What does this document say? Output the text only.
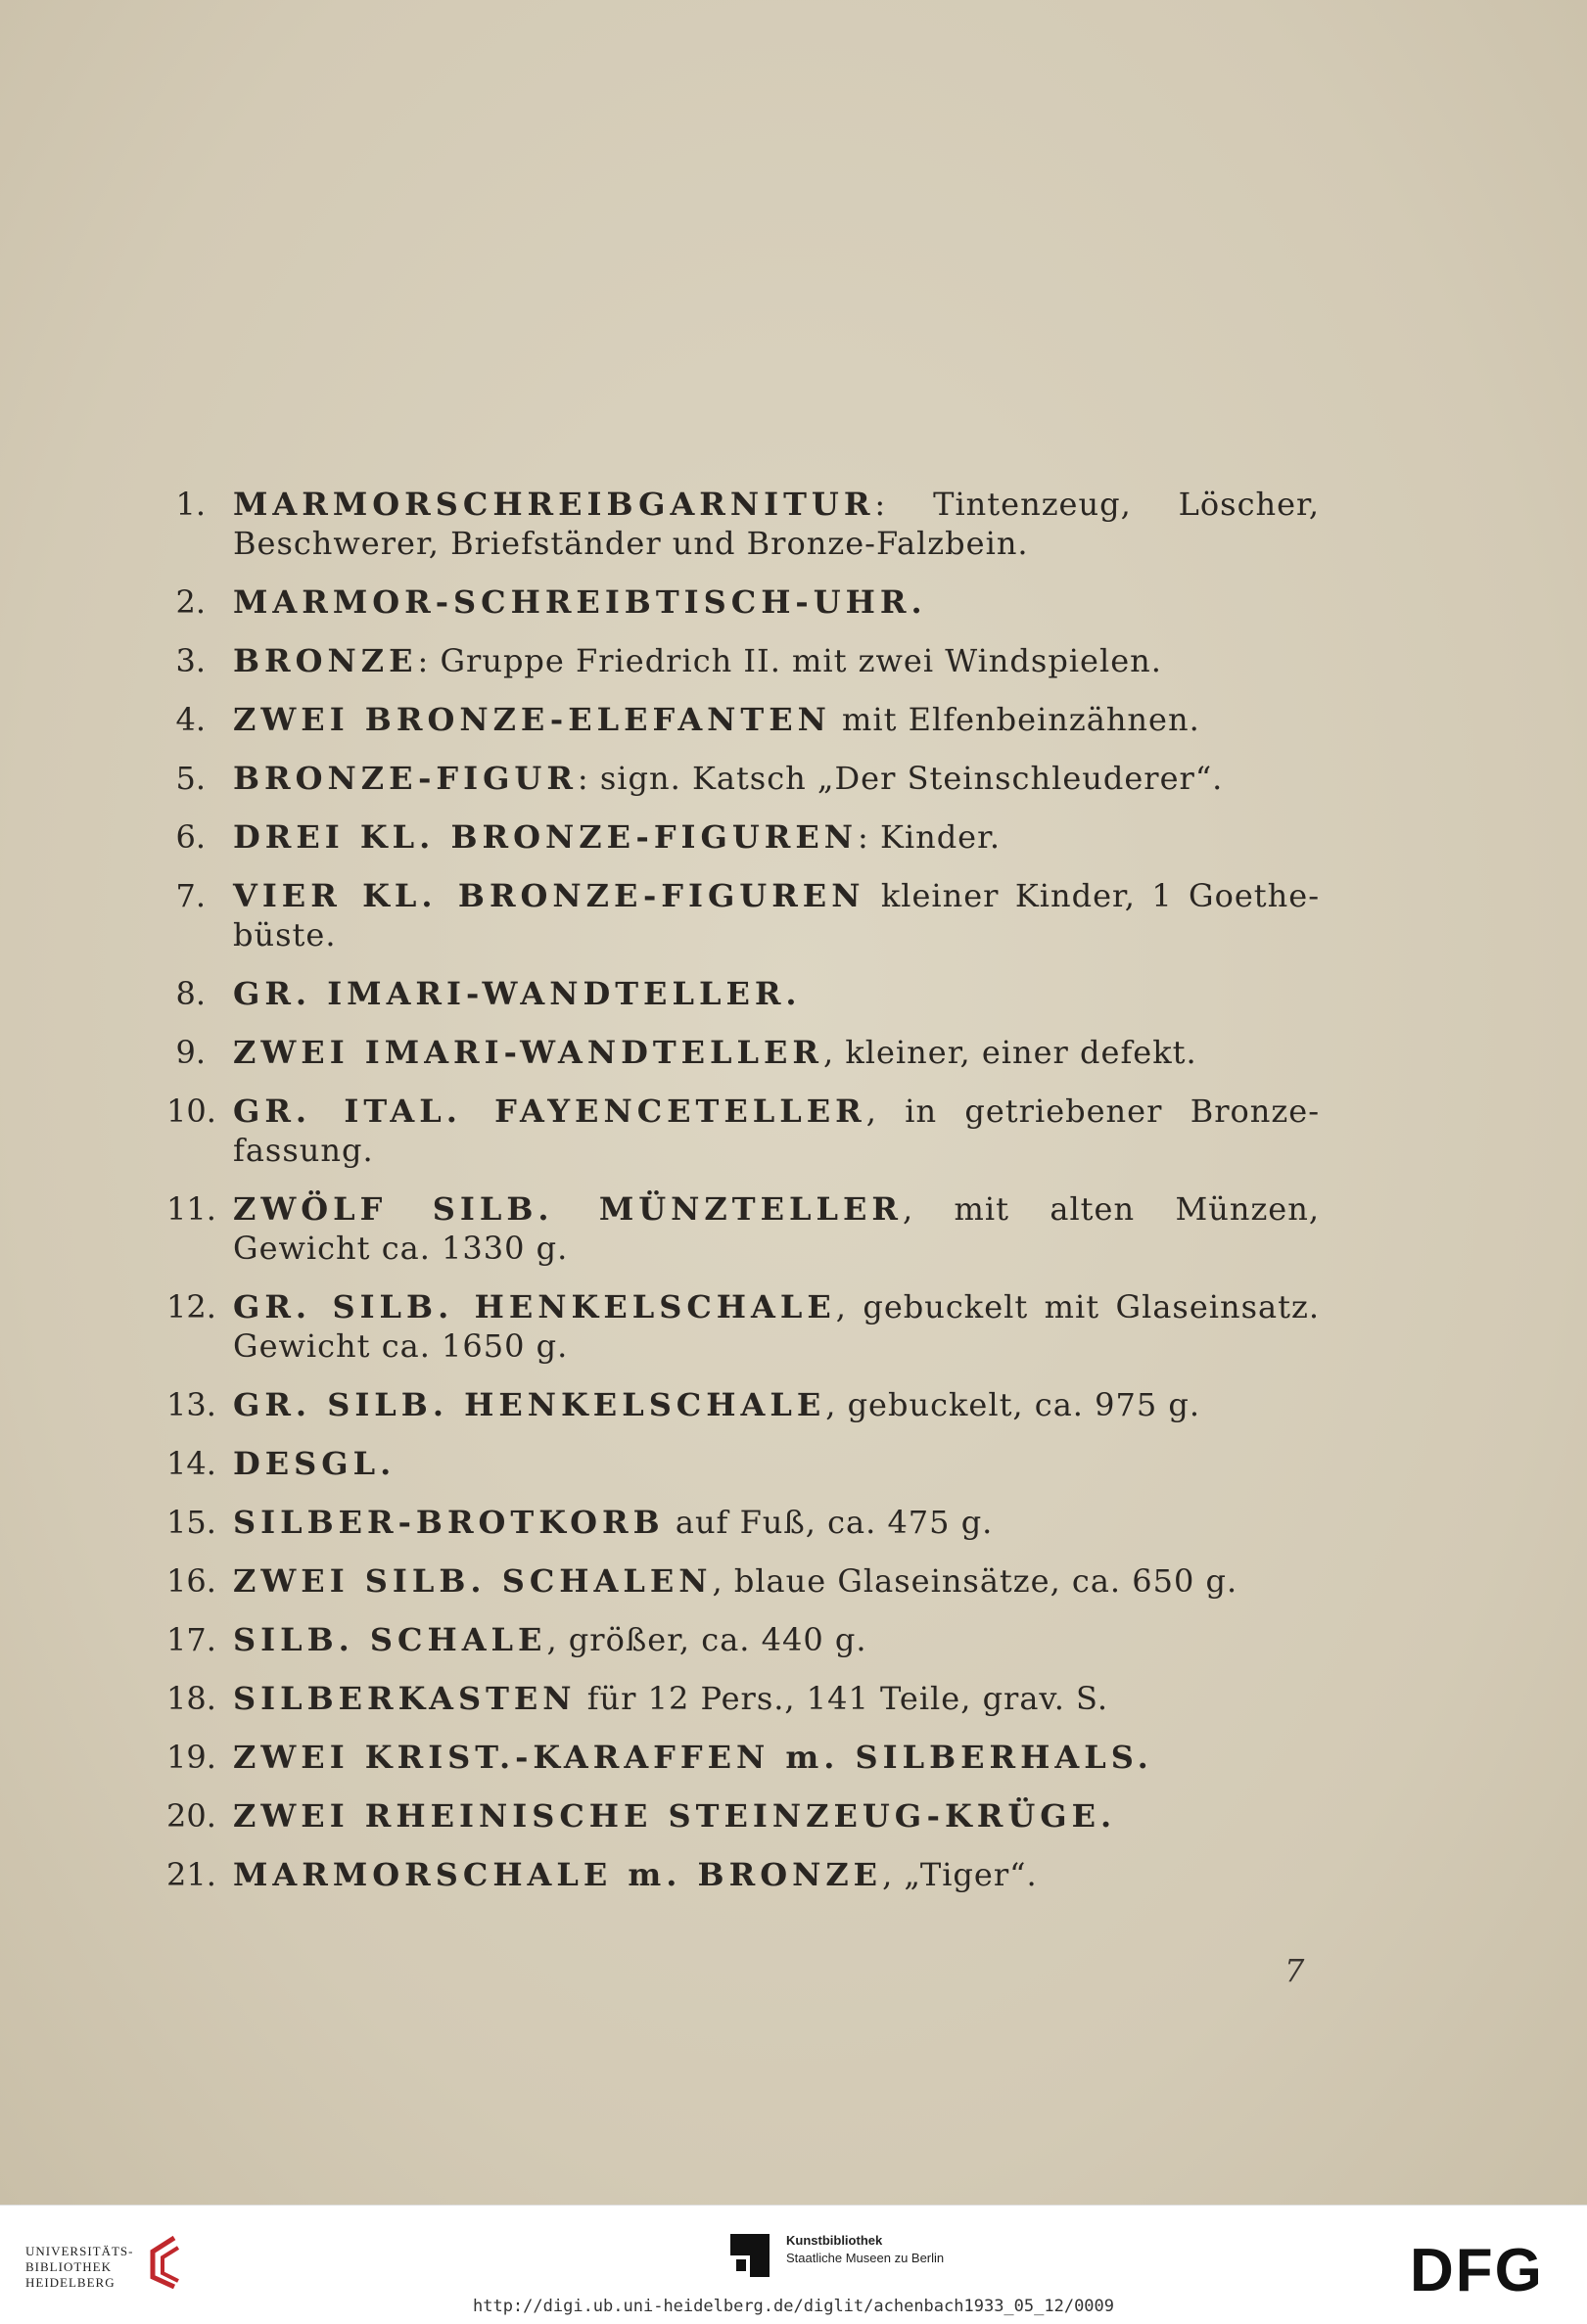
1. MARMORSCHREIBGARNITUR: Tintenzeug, Löscher, Beschwerer, Briefständer und Bronze-Falzbein.
2. MARMOR-SCHREIBTISCH-UHR.
3. BRONZE: Gruppe Friedrich II. mit zwei Windspielen.
4. ZWEI BRONZE-ELEFANTEN mit Elfenbeinzähnen.
5. BRONZE-FIGUR: sign. Katsch „Der Steinschleuderer“.
6. DREI KL. BRONZE-FIGUREN: Kinder.
7. VIER KL. BRONZE-FIGUREN kleiner Kinder, 1 Goethe-büste.
8. GR. IMARI-WANDTELLER.
9. ZWEI IMARI-WANDTELLER, kleiner, einer defekt.
10. GR. ITAL. FAYENCETELLER, in getriebener Bronze-fassung.
11. ZWÖLF SILB. MÜNZTELLER, mit alten Münzen, Gewicht ca. 1330 g.
12. GR. SILB. HENKELSCHALE, gebuckelt mit Glaseinsatz. Gewicht ca. 1650 g.
13. GR. SILB. HENKELSCHALE, gebuckelt, ca. 975 g.
14. DESGL.
15. SILBER-BROTKORB auf Fuß, ca. 475 g.
16. ZWEI SILB. SCHALEN, blaue Glaseinsätze, ca. 650 g.
17. SILB. SCHALE, größer, ca. 440 g.
18. SILBERKASTEN für 12 Pers., 141 Teile, grav. S.
19. ZWEI KRIST.-KARAFFEN m. SILBERHALS.
20. ZWEI RHEINISCHE STEINZEUG-KRÜGE.
21. MARMORSCHALE m. BRONZE, „Tiger“.
7
UNIVERSITÄTS-
BIBLIOTHEK
HEIDELBERG
Kunstbibliothek
Staatliche Museen zu Berlin	DFG
http://digi.ub.uni-heidelberg.de/diglit/achenbach1933_05_12/0009
